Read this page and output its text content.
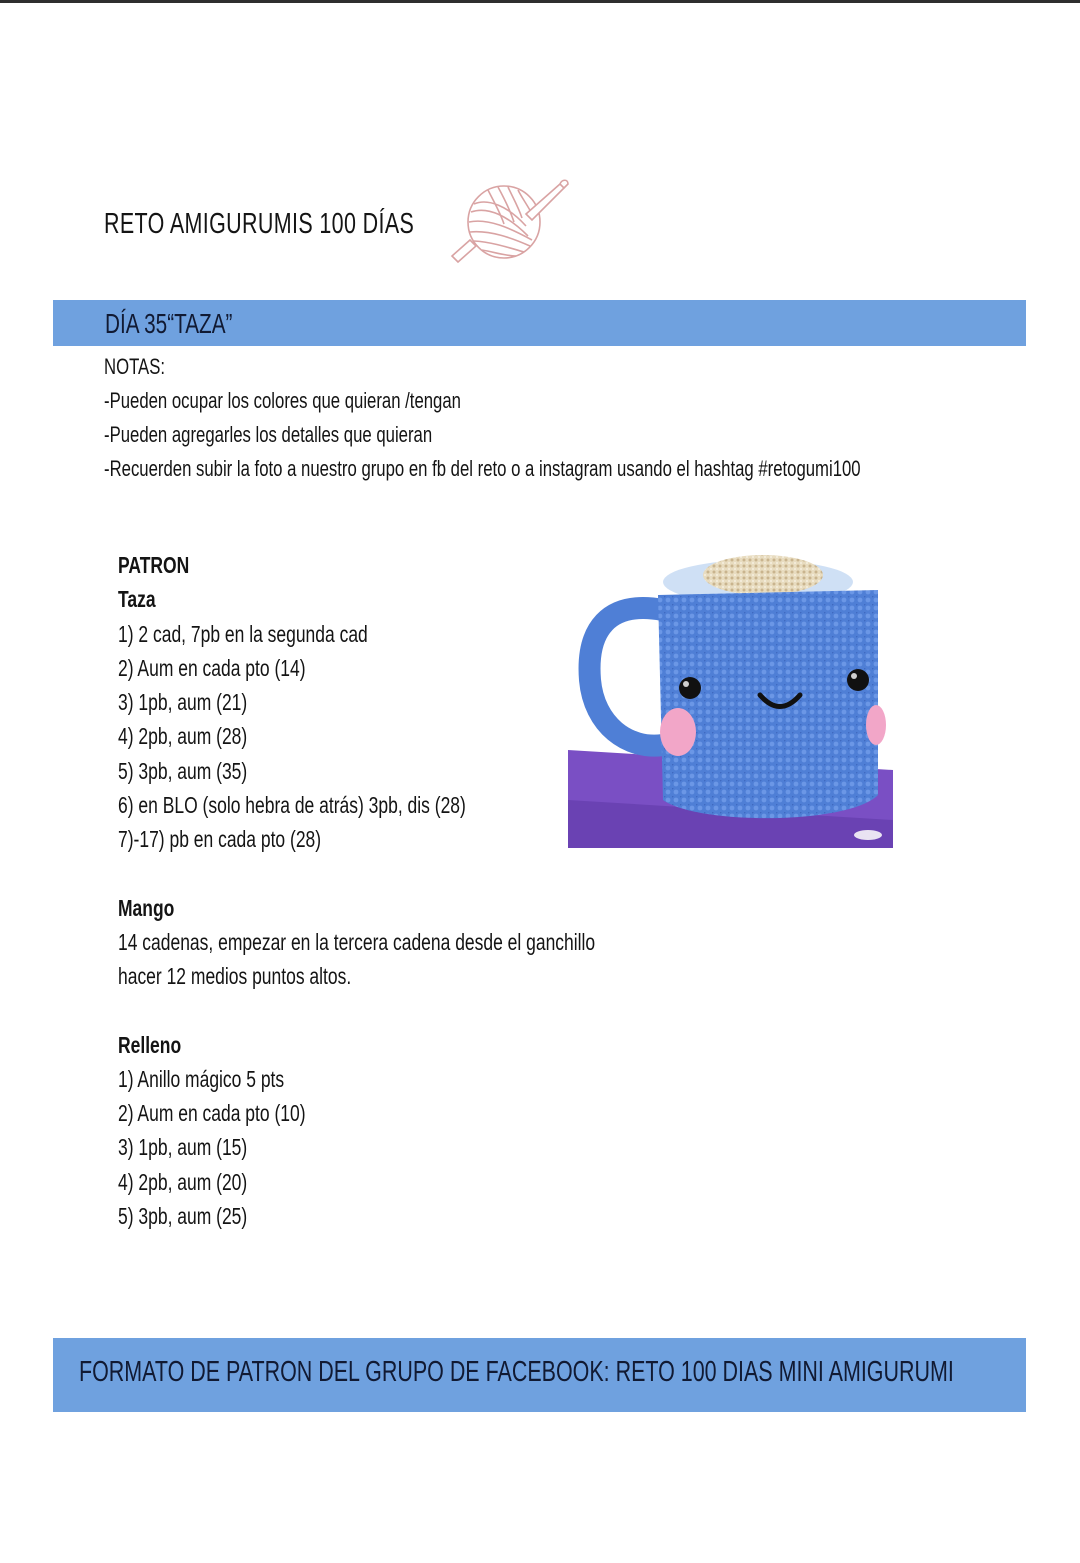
RETO AMIGURUMIS 100 DÍAS
DÍA 35“TAZA”
NOTAS:
-Pueden ocupar los colores que quieran /tengan
-Pueden agregarles los detalles que quieran
-Recuerden subir la foto a nuestro grupo en fb del reto o a instagram usando el hashtag #retogumi100
PATRON
Taza
1) 2 cad, 7pb en la segunda cad
2) Aum en cada pto (14)
3) 1pb, aum (21)
4) 2pb, aum (28)
5) 3pb, aum (35)
6) en BLO (solo hebra de atrás) 3pb, dis (28)
7)-17) pb en cada pto (28)
Mango
14 cadenas, empezar en la tercera cadena desde el ganchillo
hacer 12 medios puntos altos.
Relleno
1) Anillo mágico 5 pts
2) Aum en cada pto (10)
3) 1pb, aum (15)
4) 2pb, aum (20)
5) 3pb, aum (25)
FORMATO DE PATRON DEL GRUPO DE FACEBOOK: RETO 100 DIAS MINI AMIGURUMI
